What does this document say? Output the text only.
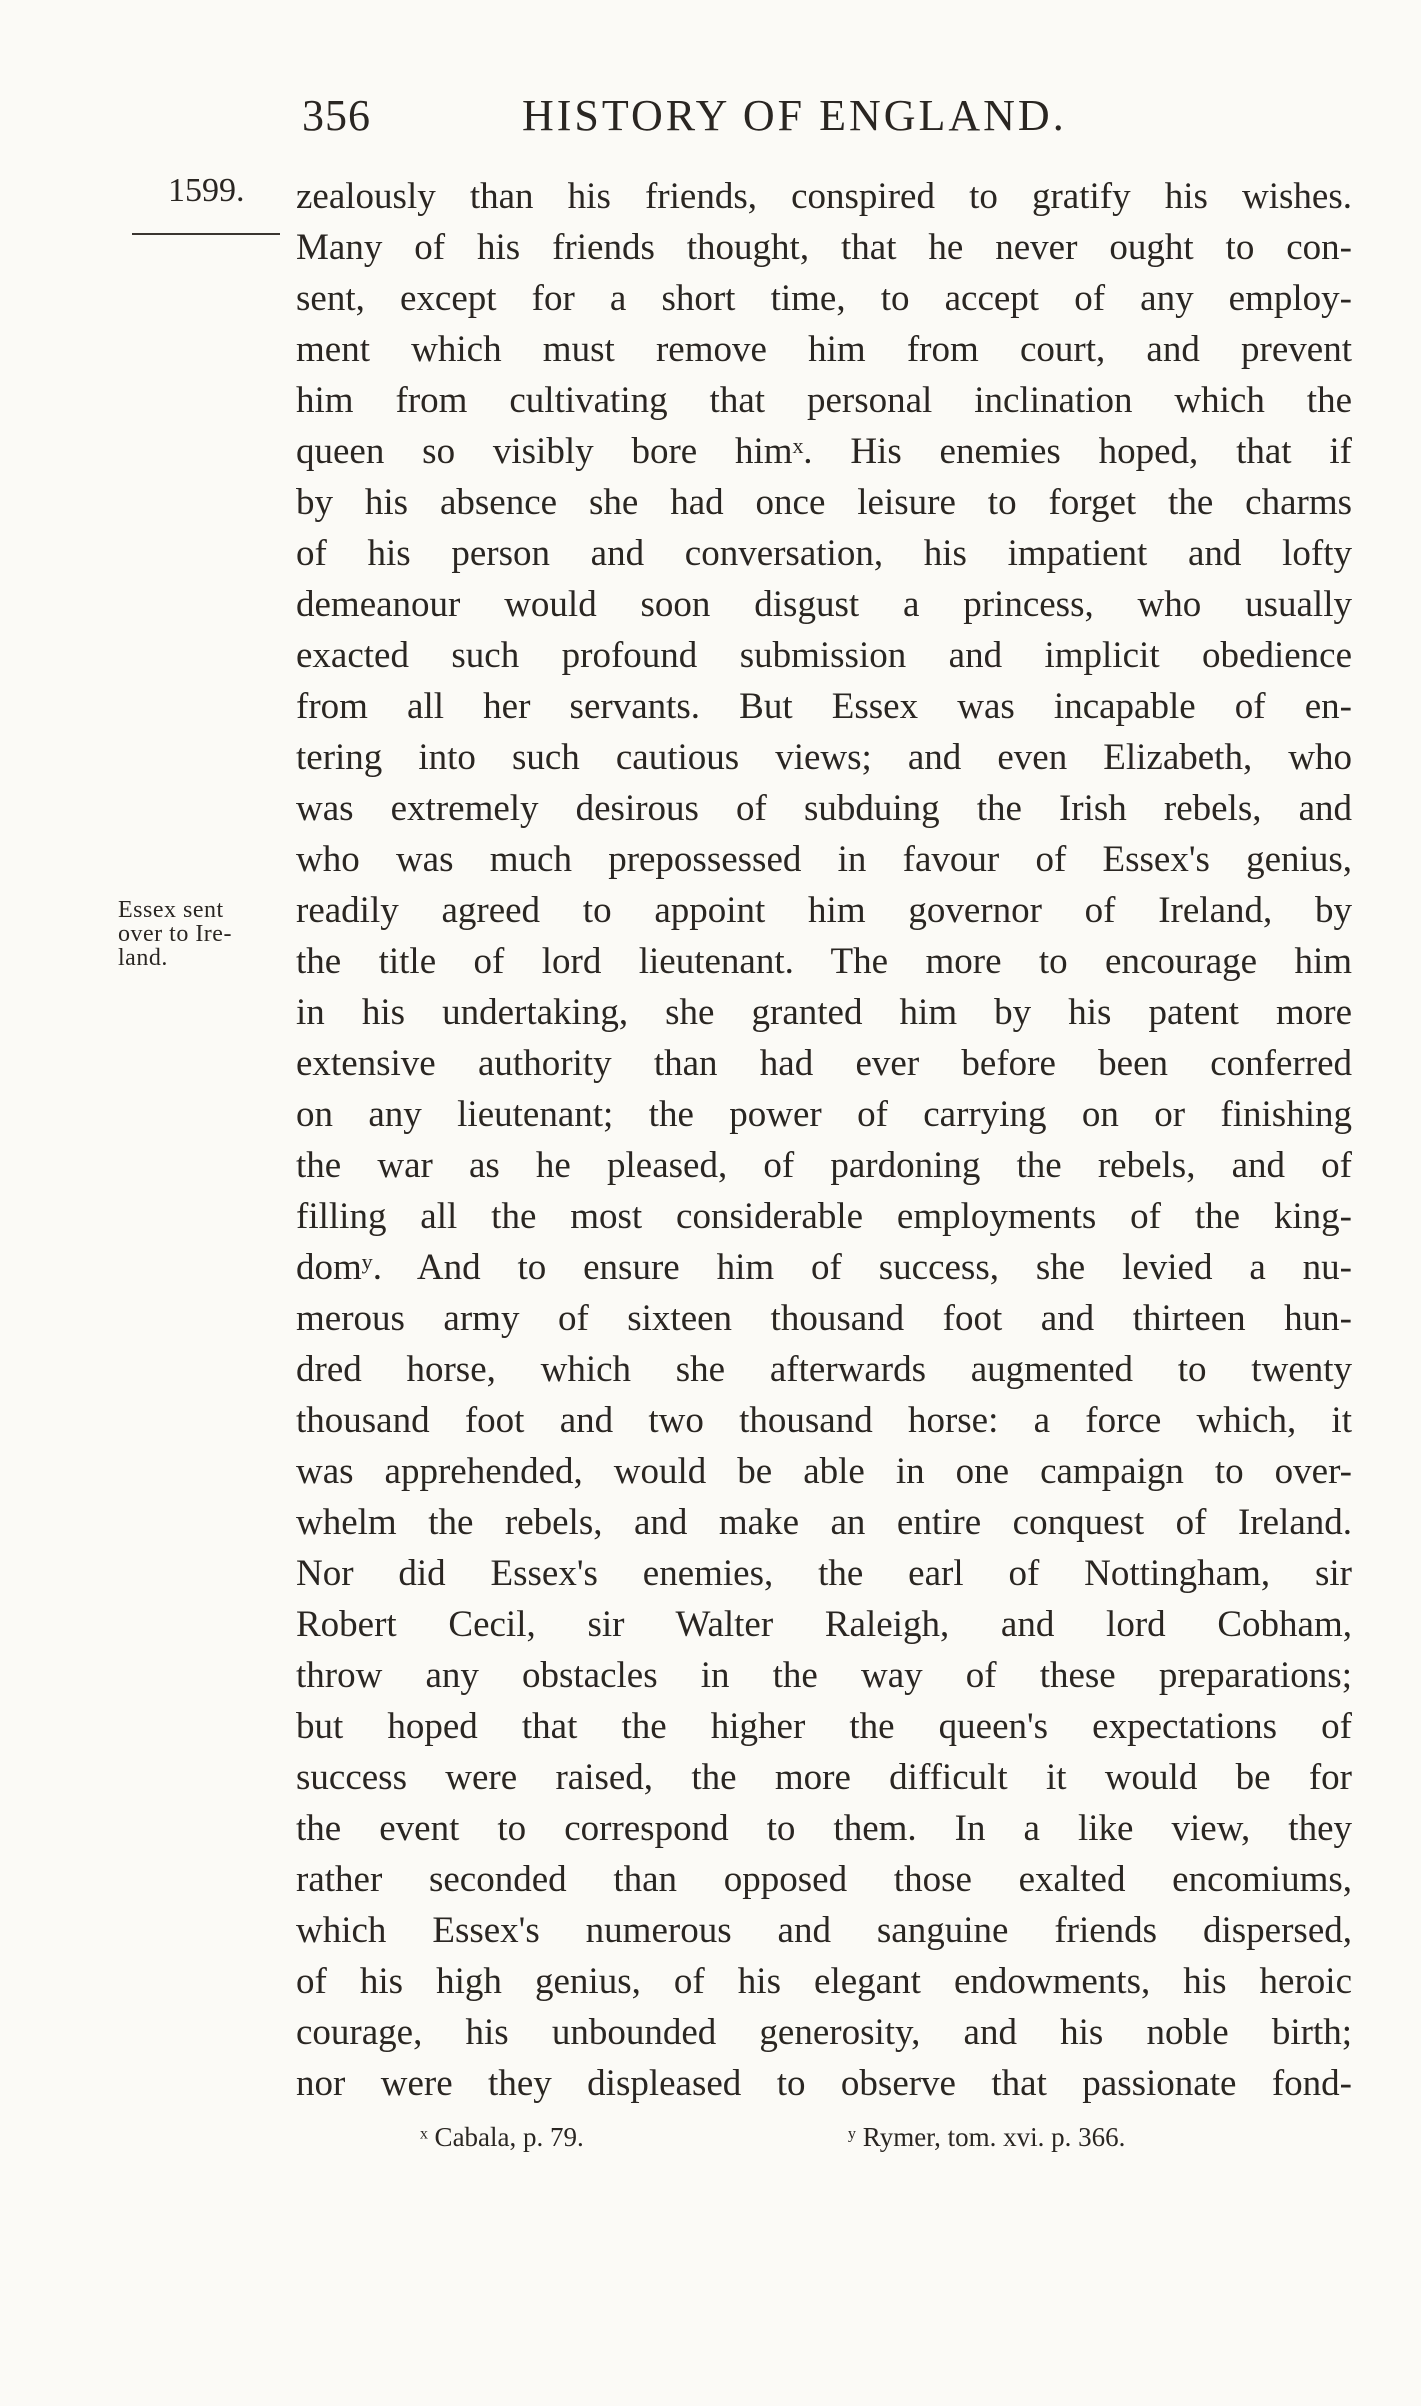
356	HISTORY OF ENGLAND.
1599.
Essex sent
over to Ire-
land.
zealously than his friends, conspired to gratify his wishes.
Many of his friends thought, that he never ought to con-
sent, except for a short time, to accept of any employ-
ment which must remove him from court, and prevent
him from cultivating that personal inclination which the
queen so visibly bore himˣ. His enemies hoped, that if
by his absence she had once leisure to forget the charms
of his person and conversation, his impatient and lofty
demeanour would soon disgust a princess, who usually
exacted such profound submission and implicit obedience
from all her servants. But Essex was incapable of en-
tering into such cautious views; and even Elizabeth, who
was extremely desirous of subduing the Irish rebels, and
who was much prepossessed in favour of Essex's genius,
readily agreed to appoint him governor of Ireland, by
the title of lord lieutenant. The more to encourage him
in his undertaking, she granted him by his patent more
extensive authority than had ever before been conferred
on any lieutenant; the power of carrying on or finishing
the war as he pleased, of pardoning the rebels, and of
filling all the most considerable employments of the king-
domʸ. And to ensure him of success, she levied a nu-
merous army of sixteen thousand foot and thirteen hun-
dred horse, which she afterwards augmented to twenty
thousand foot and two thousand horse: a force which, it
was apprehended, would be able in one campaign to over-
whelm the rebels, and make an entire conquest of Ireland.
Nor did Essex's enemies, the earl of Nottingham, sir
Robert Cecil, sir Walter Raleigh, and lord Cobham,
throw any obstacles in the way of these preparations;
but hoped that the higher the queen's expectations of
success were raised, the more difficult it would be for
the event to correspond to them. In a like view, they
rather seconded than opposed those exalted encomiums,
which Essex's numerous and sanguine friends dispersed,
of his high genius, of his elegant endowments, his heroic
courage, his unbounded generosity, and his noble birth;
nor were they displeased to observe that passionate fond-
ˣ Cabala, p. 79.	ʸ Rymer, tom. xvi. p. 366.
